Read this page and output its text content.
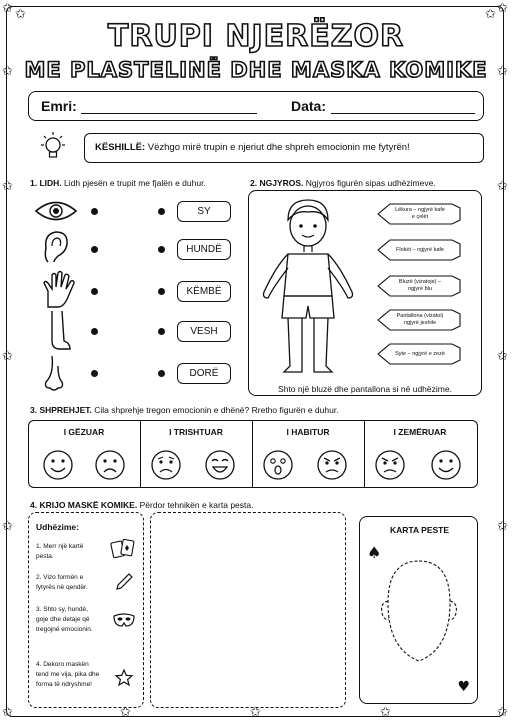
✩	✩
✩	✩
✩	✩
✩	✩
✩	✩
✩	✩
✩	✩	✩
✩	✩
TRUPI NJERËZOR
ME PLASTELINË DHE MASKA KOMIKE
Emri:	Data:
KËSHILLË: Vëzhgo mirë trupin e njeriut dhe shpreh emocionin me fytyrën!
1. LIDH. Lidh pjesën e trupit me fjalën e duhur.
SY
HUNDË
KËMBË
VESH
DORË
2. NGJYROS. Ngjyros figurën sipas udhëzimeve.
Lëkura – ngjyrë kafe e çelët
Flokët – ngjyrë kafe
Bluzë (vizatoje) – ngjyrë blu
Pantallona (vizatoi) ngjyrë jeshile
Syte – ngjyrë e zezë
Shto një bluzë dhe pantallona si në udhëzime.
3. SHPREHJET. Cila shprehje tregon emocionin e dhënë? Rretho figurën e duhur.
I GËZUAR	I TRISHTUAR	I HABITUR	I ZEMËRUAR
4. KRIJO MASKË KOMIKE. Përdor tehnikën e karta pesta.
Udhëzime:
1. Merr një kartë pesta.
2. Vizo formën e fytyrës në qendër.
3. Shto sy, hundë, goje dhe detaje që tregojnë emocionin.
4. Dekoro maskën tend me vija, pika dhe forma të ndryshme!
KARTA PESTE
♠
♥
